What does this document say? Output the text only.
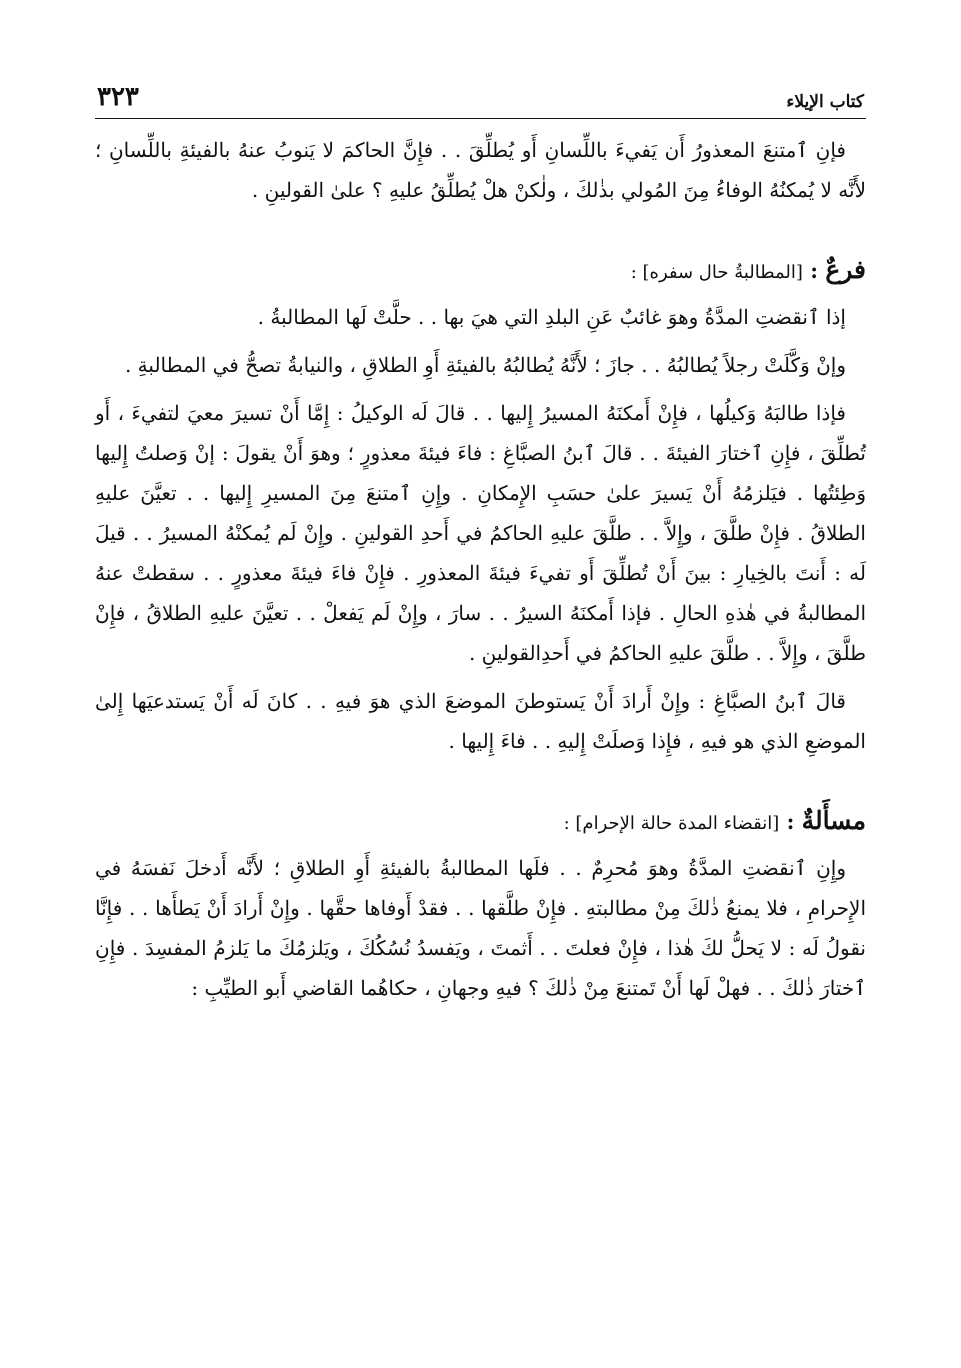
٣٢٣	كتاب الإيلاء

فإنِ ٱمتنعَ المعذورُ أَن يَفيءَ باللِّسانِ أَو يُطلِّقَ . . فإِنَّ الحاكمَ لا يَنوبُ عنهُ بالفيئةِ باللِّسانِ ؛ لأَنَّه لا يُمكنُهُ الوفاءُ مِنَ المُولي بذٰلكَ ، ولٰكنْ هلْ يُطلِّقُ عليهِ ؟ علىٰ القولينِ .

فرعٌ : [المطالبةُ حال سفره] :

إذا ٱنقضتِ المدَّةُ وهوَ غائبٌ عَنِ البلدِ التي هيَ بها . . حلَّتْ لَها المطالبةُ .

وإنْ وَكَّلَتْ رجلاً يُطالبُهُ . . جازَ ؛ لأَنَّهُ يُطالبُهُ بالفيئةِ أَوِ الطلاقِ ، والنيابةُ تصحُّ في المطالبةِ .

فإذا طالبَهُ وَكيلُها ، فإِنْ أَمكنَهُ المسيرُ إِليها . . قالَ لَه الوكيلُ : إِمَّا أَنْ تسيرَ معيَ لتفيءَ ، أَو تُطلِّقَ ، فإِنِ ٱختارَ الفيئةَ . . قالَ ٱبنُ الصبَّاغِ : فاءَ فيئةَ معذورٍ ؛ وهوَ أَنْ يقولَ : إنْ وَصلتُ إِليها وَطِئتُها . فيَلزمُهُ أَنْ يَسيرَ علىٰ حسَبِ الإِمكانِ . وإِنِ ٱمتنعَ مِنَ المسيرِ إِليها . . تعيَّنَ عليهِ الطلاقُ . فإِنْ طلَّقَ ، وإِلاَّ . . طلَّقَ عليهِ الحاكمُ في أَحدِ القولينِ . وإِنْ لَم يُمكنْهُ المسيرُ . . قيلَ لَه : أَنتَ بالخِيارِ : بينَ أَنْ تُطلِّقَ أَو تفيءَ فيئةَ المعذورِ . فإِنْ فاءَ فيئةَ معذورٍ . . سقطتْ عنهُ المطالبةُ في هٰذهِ الحالِ . فإذا أَمكنَهُ السيرُ . . سارَ ، وإِنْ لَم يَفعلْ . . تعيَّنَ عليهِ الطلاقُ ، فإِنْ طلَّقَ ، وإِلاَّ . . طلَّقَ عليهِ الحاكمُ في أَحدِالقولينِ .

قالَ ٱبنُ الصبَّاغِ : وإِنْ أَرادَ أَنْ يَستوطنَ الموضعَ الذي هوَ فيهِ . . كانَ لَه أَنْ يَستدعيَها إِلىٰ الموضعِ الذي هو فيهِ ، فإِذا وَصلَتْ إِليهِ . . فاءَ إِليها .

مسأَلةٌ : [انقضاء المدة حالة الإحرام] :

وإِنِ ٱنقضتِ المدَّةُ وهوَ مُحرِمٌ . . فلَها المطالبةُ بالفيئةِ أَوِ الطلاقِ ؛ لأَنَّه أَدخلَ نَفسَهُ في الإِحرامِ ، فلا يمنعُ ذٰلكَ مِنْ مطالبتهِ . فإِنْ طلَّقها . . فقدْ أَوفاها حقَّها . وإِنْ أَرادَ أَنْ يَطأَها . . فإِنَّا نقولُ لَه : لا يَحلُّ لكَ هٰذا ، فإِنْ فعلتَ . . أَثمتَ ، ويَفسدُ نُسُكُكَ ، ويَلزمُكَ ما يَلزمُ المفسِدَ . فإِنِ ٱختارَ ذٰلكَ . . فهلْ لَها أَنْ تَمتنعَ مِنْ ذٰلكَ ؟ فيهِ وجهانِ ، حكاهُما القاضي أَبو الطيِّبِ :
